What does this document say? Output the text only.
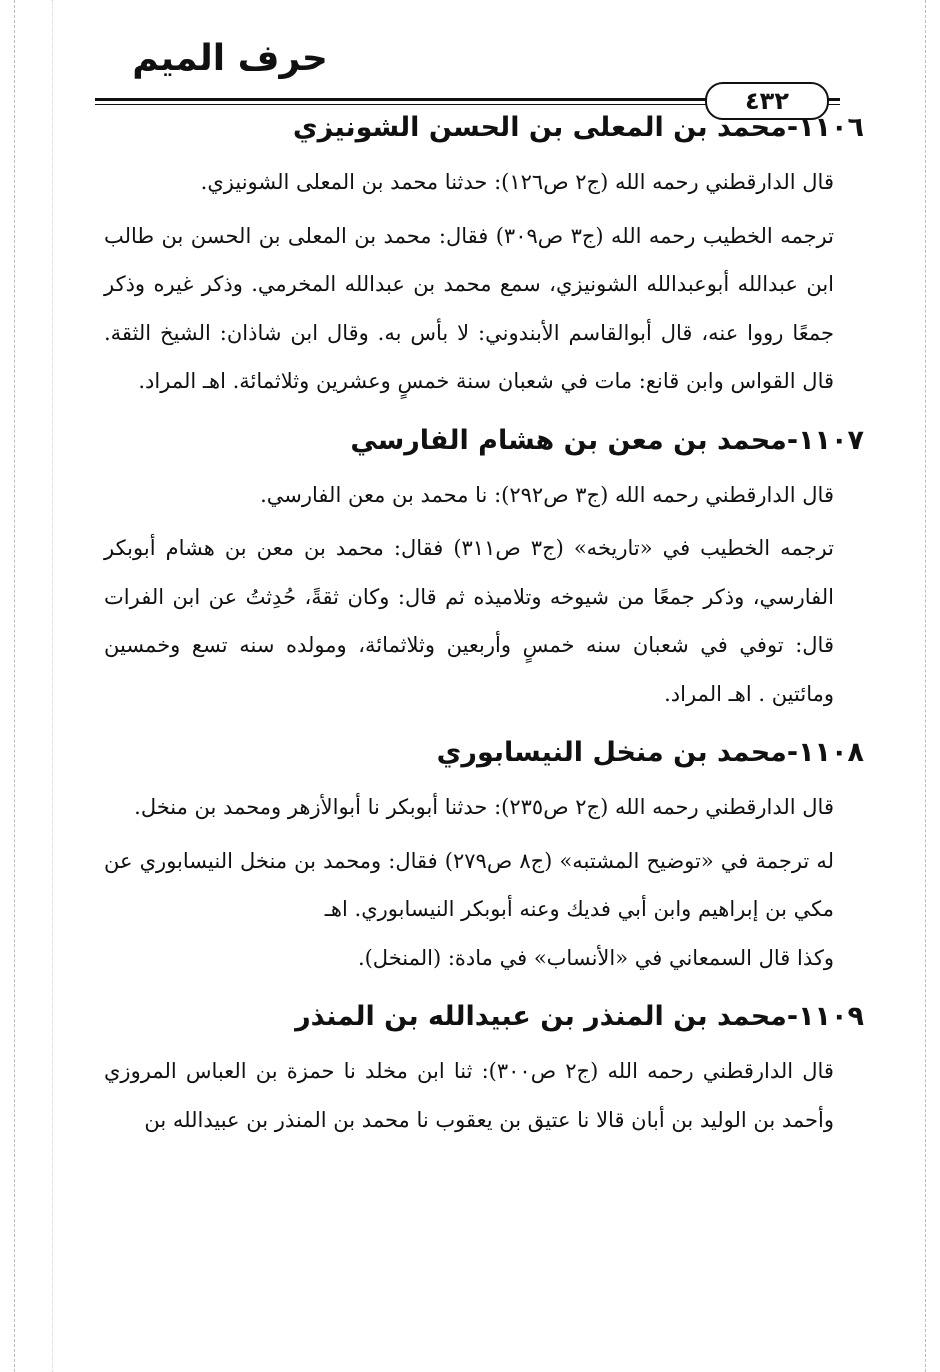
حرف الميم
٤٣٢
١١٠٦-محمد بن المعلى بن الحسن الشونيزي

قال الدارقطني رحمه الله (ج٢ ص١٢٦): حدثنا محمد بن المعلى الشونيزي.

ترجمه الخطيب رحمه الله (ج٣ ص٣٠٩) فقال: محمد بن المعلى بن الحسن بن طالب ابن عبدالله أبوعبدالله الشونيزي، سمع محمد بن عبدالله المخرمي. وذكر غيره وذكر جمعًا رووا عنه، قال أبوالقاسم الأبندوني: لا بأس به. وقال ابن شاذان: الشيخ الثقة. قال القواس وابن قانع: مات في شعبان سنة خمسٍ وعشرين وثلاثمائة. اهـ المراد.

١١٠٧-محمد بن معن بن هشام الفارسي

قال الدارقطني رحمه الله (ج٣ ص٢٩٢): نا محمد بن معن الفارسي.

ترجمه الخطيب في «تاريخه» (ج٣ ص٣١١) فقال: محمد بن معن بن هشام أبوبكر الفارسي، وذكر جمعًا من شيوخه وتلاميذه ثم قال: وكان ثقةً، حُدِثتُ عن ابن الفرات قال: توفي في شعبان سنه خمسٍ وأربعين وثلاثمائة، ومولده سنه تسع وخمسين ومائتين . اهـ المراد.

١١٠٨-محمد بن منخل النيسابوري

قال الدارقطني رحمه الله (ج٢ ص٢٣٥): حدثنا أبوبكر نا أبوالأزهر ومحمد بن منخل.

له ترجمة في «توضيح المشتبه» (ج٨ ص٢٧٩) فقال: ومحمد بن منخل النيسابوري عن مكي بن إبراهيم وابن أبي فديك وعنه أبوبكر النيسابوري. اهـ

وكذا قال السمعاني في «الأنساب» في مادة: (المنخل).

١١٠٩-محمد بن المنذر بن عبيدالله بن المنذر

قال الدارقطني رحمه الله (ج٢ ص٣٠٠): ثنا ابن مخلد نا حمزة بن العباس المروزي وأحمد بن الوليد بن أبان قالا نا عتيق بن يعقوب نا محمد بن المنذر بن عبيدالله بن
